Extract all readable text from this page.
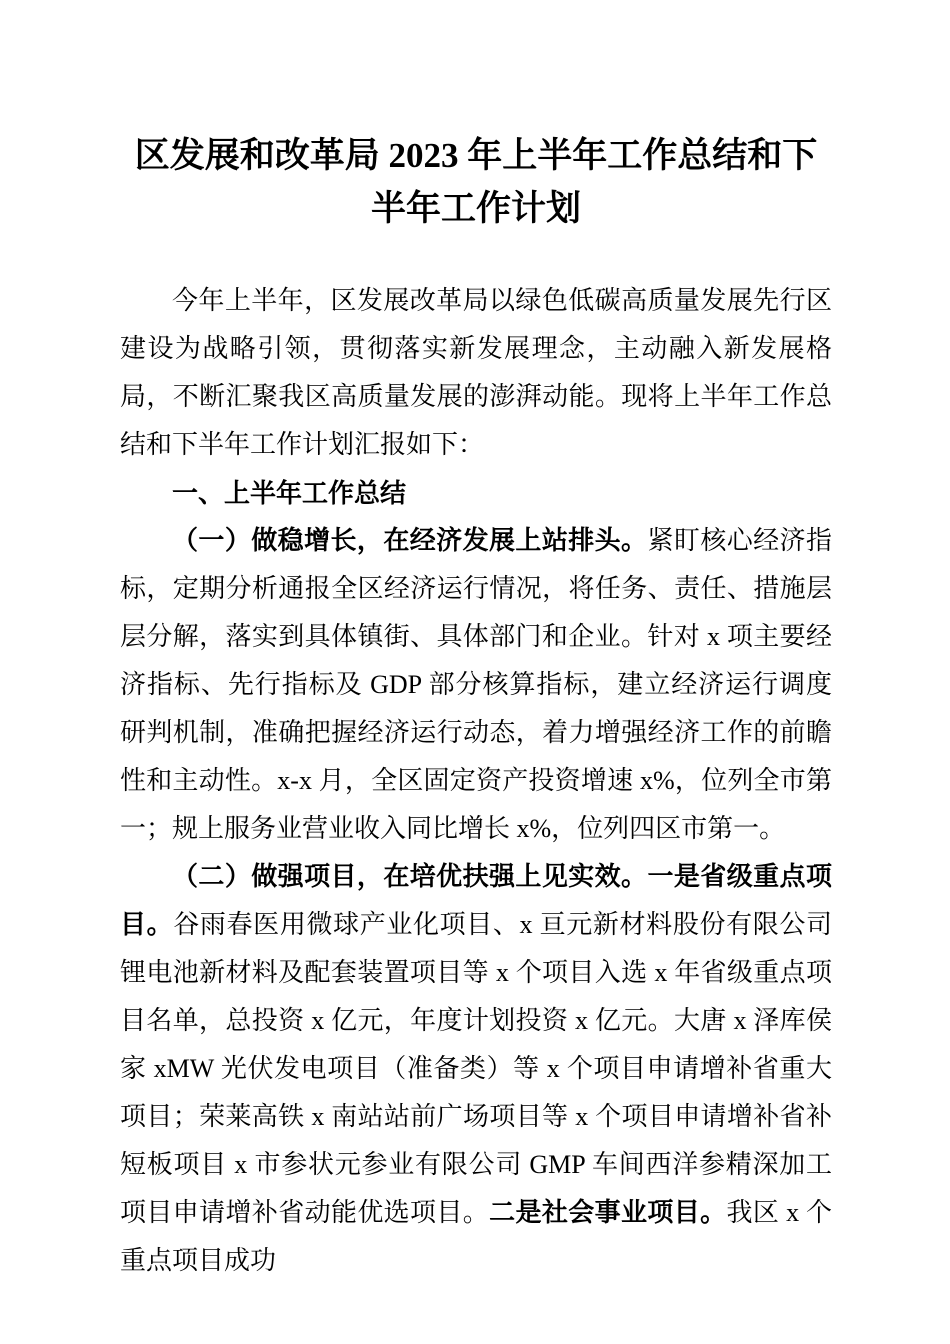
区发展和改革局 2023 年上半年工作总结和下
半年工作计划

今年上半年，区发展改革局以绿色低碳高质量发展先行区建设为战略引领，贯彻落实新发展理念，主动融入新发展格局，不断汇聚我区高质量发展的澎湃动能。现将上半年工作总结和下半年工作计划汇报如下：

一、上半年工作总结

（一）做稳增长，在经济发展上站排头。紧盯核心经济指标，定期分析通报全区经济运行情况，将任务、责任、措施层层分解，落实到具体镇街、具体部门和企业。针对 x 项主要经济指标、先行指标及 GDP 部分核算指标，建立经济运行调度研判机制，准确把握经济运行动态，着力增强经济工作的前瞻性和主动性。x-x 月，全区固定资产投资增速 x%，位列全市第一；规上服务业营业收入同比增长 x%，位列四区市第一。

（二）做强项目，在培优扶强上见实效。一是省级重点项目。谷雨春医用微球产业化项目、x 亘元新材料股份有限公司锂电池新材料及配套装置项目等 x 个项目入选 x 年省级重点项目名单，总投资 x 亿元，年度计划投资 x 亿元。大唐 x 泽库侯家 xMW 光伏发电项目（准备类）等 x 个项目申请增补省重大项目；荣莱高铁 x 南站站前广场项目等 x 个项目申请增补省补短板项目 x 市参状元参业有限公司 GMP 车间西洋参精深加工项目申请增补省动能优选项目。二是社会事业项目。我区 x 个重点项目成功
